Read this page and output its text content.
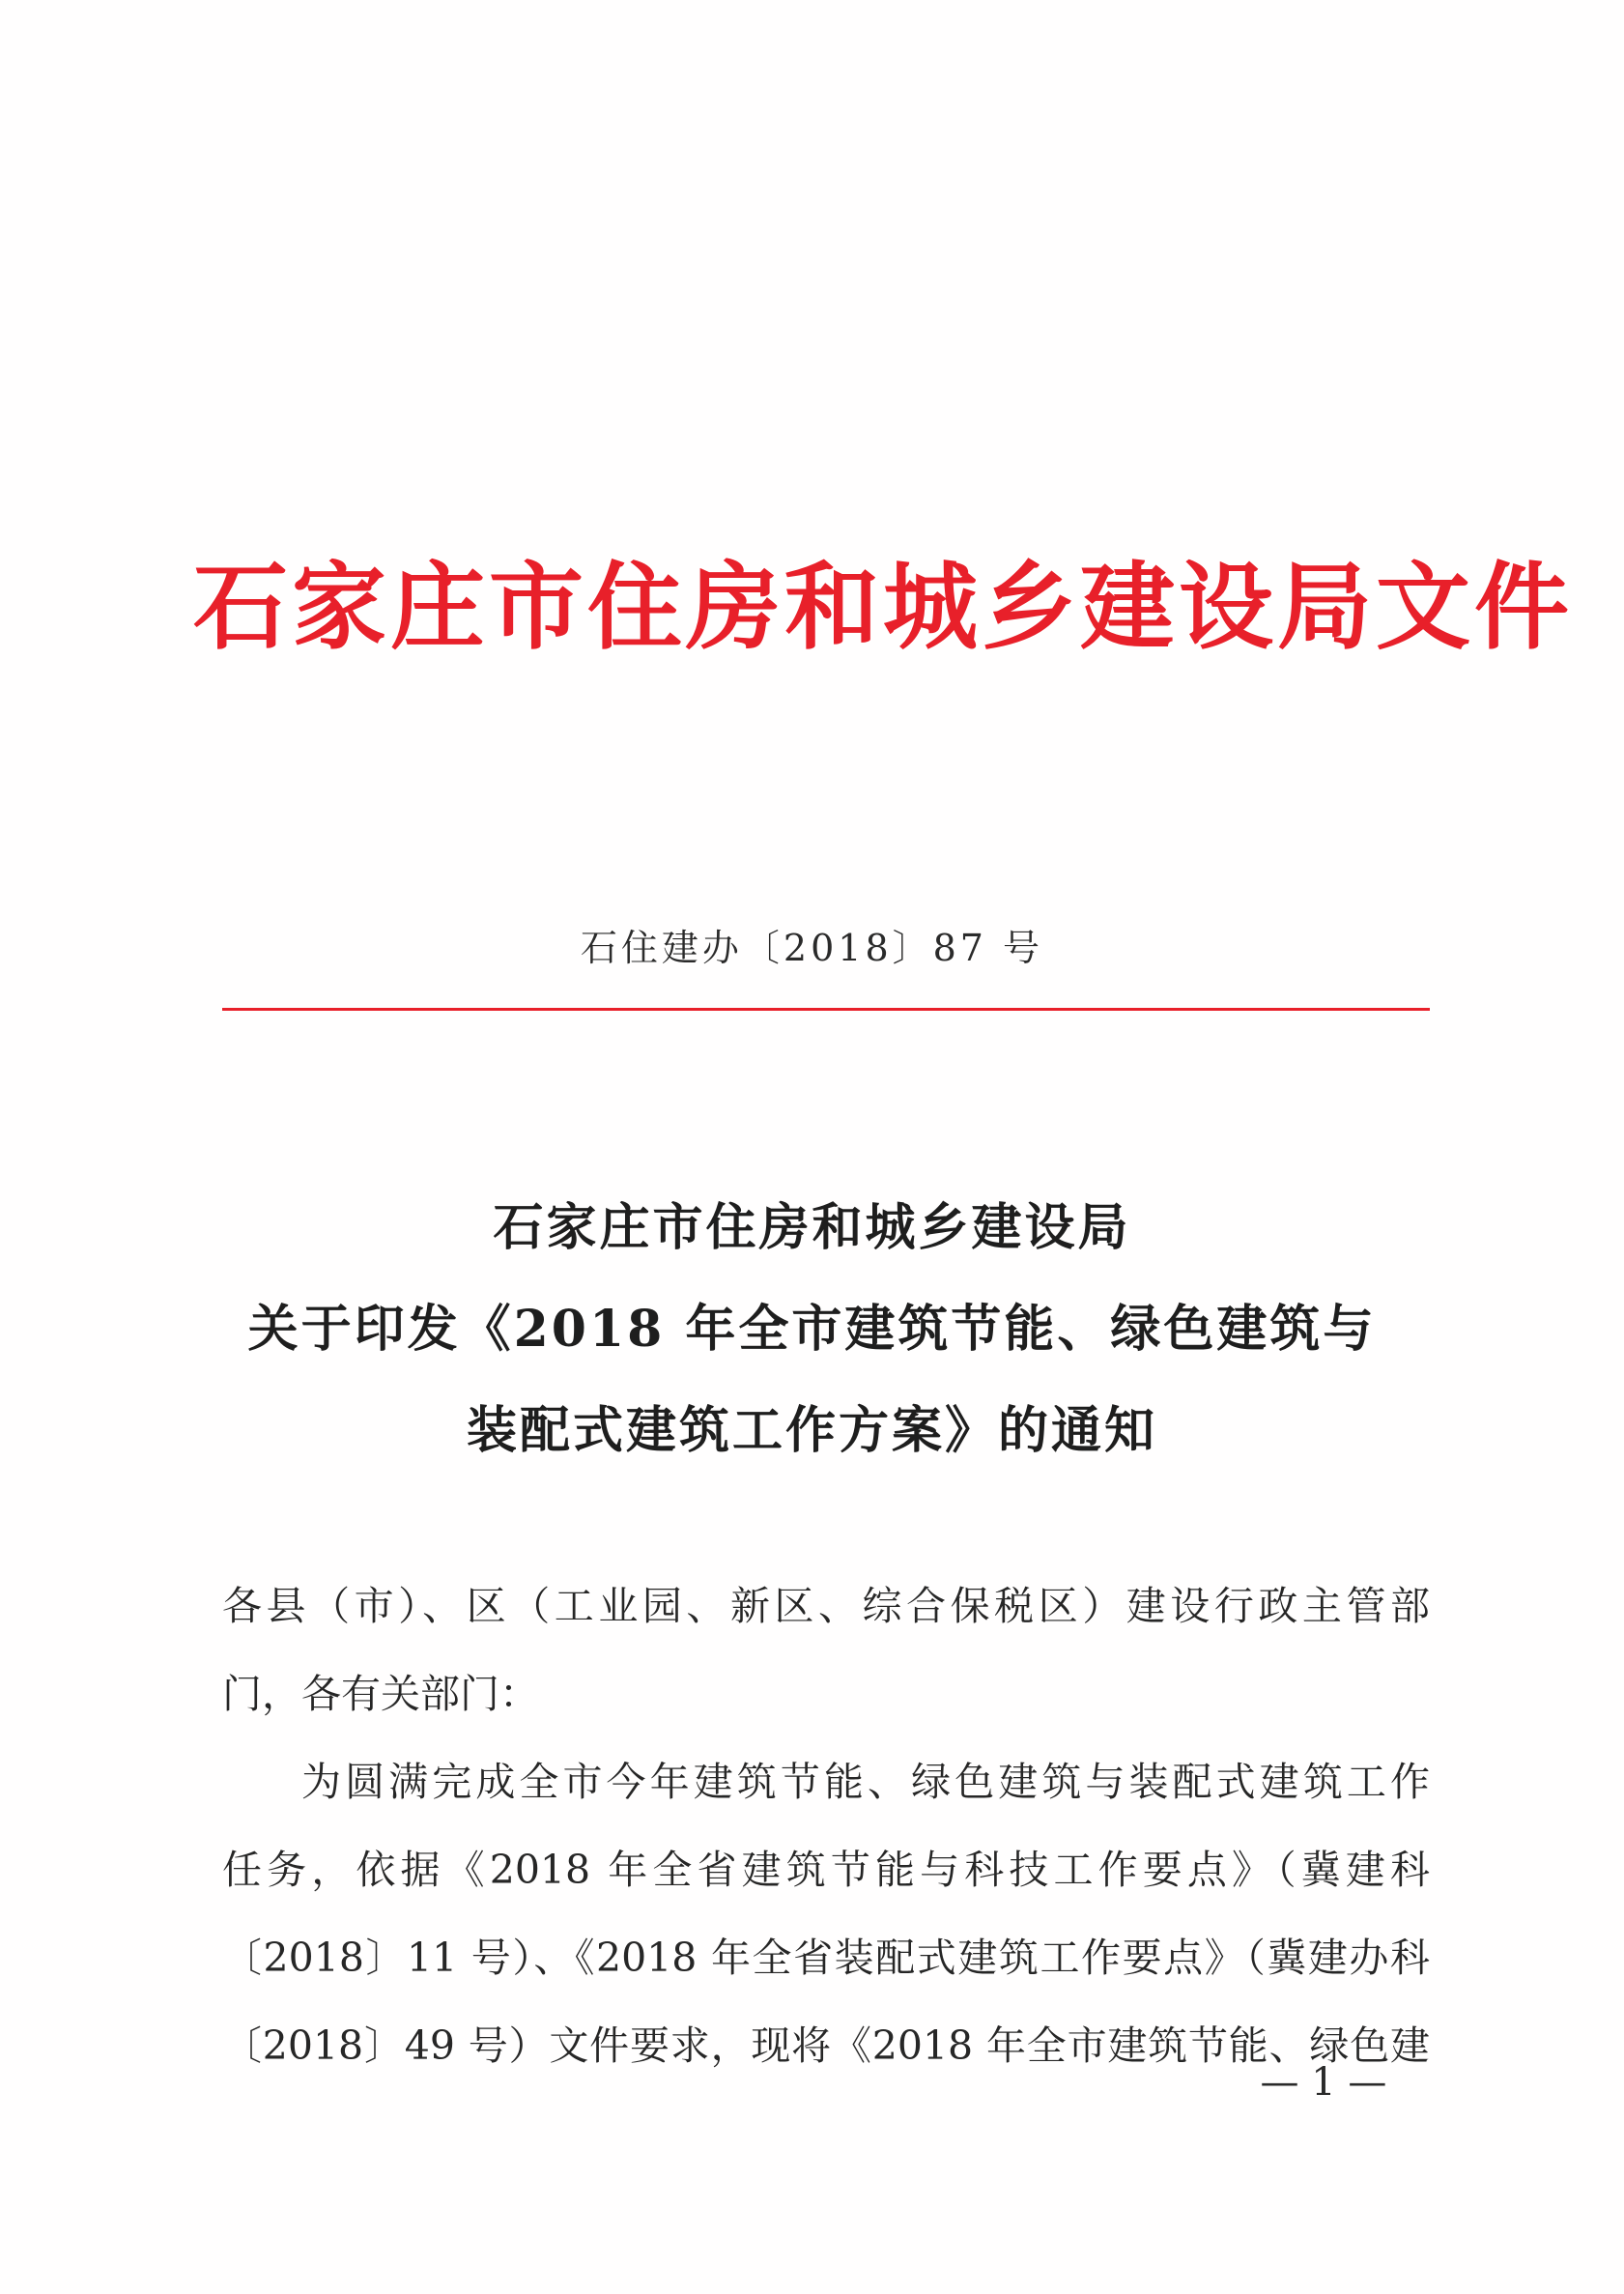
石家庄市住房和城乡建设局文件
石住建办〔2018〕87 号
石家庄市住房和城乡建设局
关于印发《2018 年全市建筑节能、绿色建筑与
装配式建筑工作方案》的通知
各县（市）、区（工业园、新区、综合保税区）建设行政主管部
门，各有关部门：
为圆满完成全市今年建筑节能、绿色建筑与装配式建筑工作
任务，依据《2018 年全省建筑节能与科技工作要点》（冀建科
〔2018〕11 号）、《2018 年全省装配式建筑工作要点》（冀建办科
〔2018〕49 号）文件要求，现将《2018 年全市建筑节能、绿色建
— 1 —
